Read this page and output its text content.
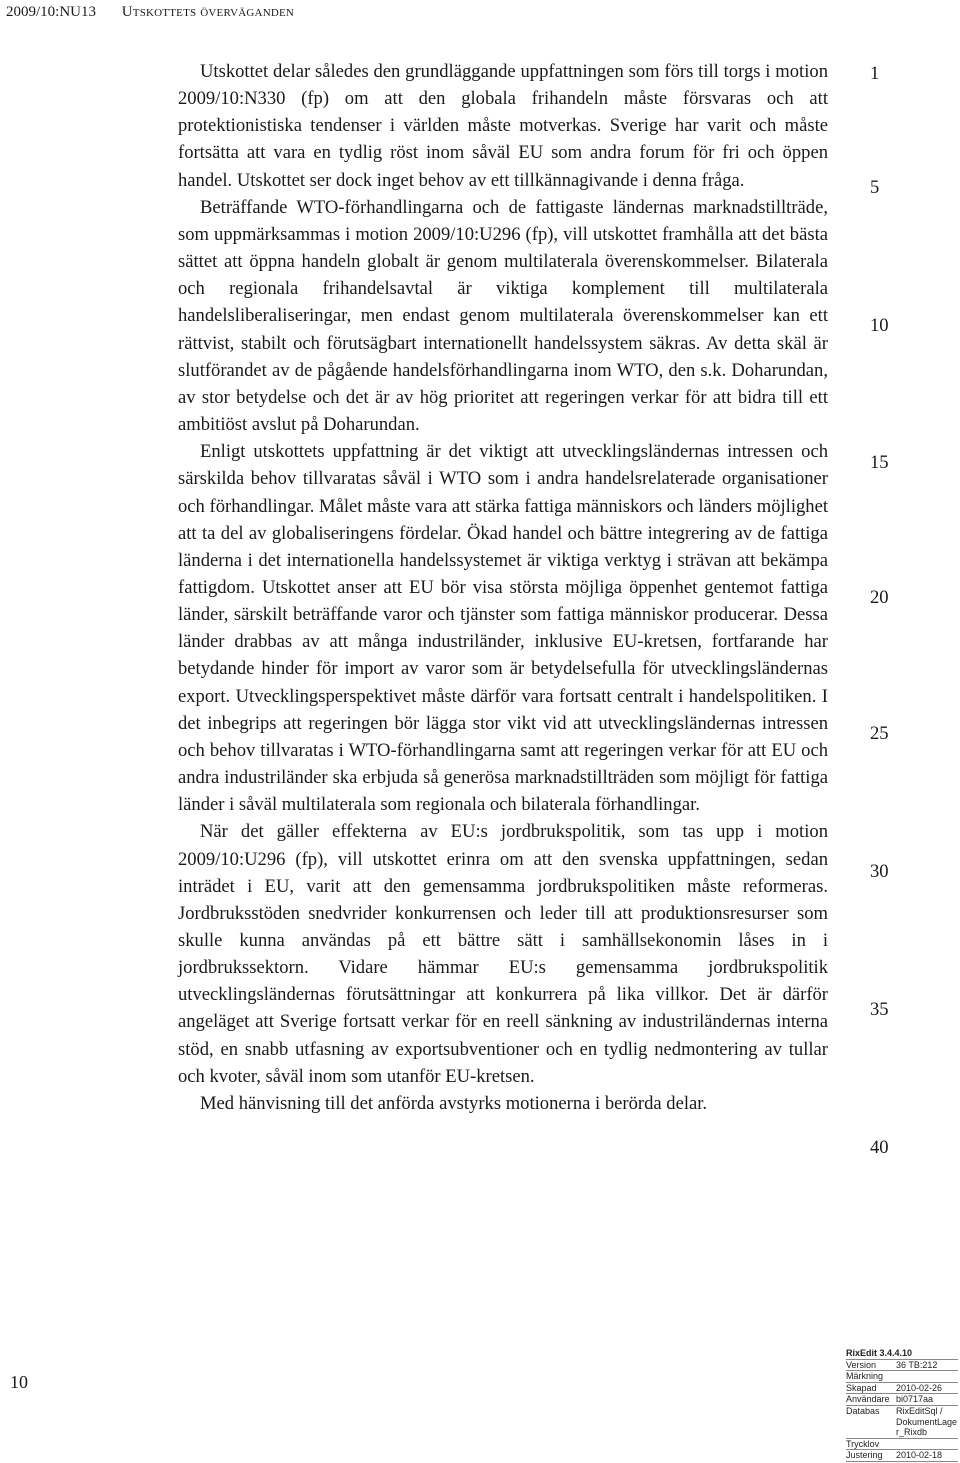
2009/10:NU13 Utskottets överväganden

Utskottet delar således den grundläggande uppfattningen som förs till torgs i motion 2009/10:N330 (fp) om att den globala frihandeln måste försvaras och att protektionistiska tendenser i världen måste motverkas. Sverige har varit och måste fortsätta att vara en tydlig röst inom såväl EU som andra forum för fri och öppen handel. Utskottet ser dock inget behov av ett tillkännagivande i denna fråga.

Beträffande WTO-förhandlingarna och de fattigaste ländernas marknadstillträde, som uppmärksammas i motion 2009/10:U296 (fp), vill utskottet framhålla att det bästa sättet att öppna handeln globalt är genom multilaterala överenskommelser. Bilaterala och regionala frihandelsavtal är viktiga komplement till multilaterala handelsliberaliseringar, men endast genom multilaterala överenskommelser kan ett rättvist, stabilt och förutsägbart internationellt handelssystem säkras. Av detta skäl är slutförandet av de pågående handelsförhandlingarna inom WTO, den s.k. Doharundan, av stor betydelse och det är av hög prioritet att regeringen verkar för att bidra till ett ambitiöst avslut på Doharundan.

Enligt utskottets uppfattning är det viktigt att utvecklingsländernas intressen och särskilda behov tillvaratas såväl i WTO som i andra handelsrelaterade organisationer och förhandlingar. Målet måste vara att stärka fattiga människors och länders möjlighet att ta del av globaliseringens fördelar. Ökad handel och bättre integrering av de fattiga länderna i det internationella handelssystemet är viktiga verktyg i strävan att bekämpa fattigdom. Utskottet anser att EU bör visa största möjliga öppenhet gentemot fattiga länder, särskilt beträffande varor och tjänster som fattiga människor producerar. Dessa länder drabbas av att många industriländer, inklusive EU-kretsen, fortfarande har betydande hinder för import av varor som är betydelsefulla för utvecklingsländernas export. Utvecklingsperspektivet måste därför vara fortsatt centralt i handelspolitiken. I det inbegrips att regeringen bör lägga stor vikt vid att utvecklingsländernas intressen och behov tillvaratas i WTO-förhandlingarna samt att regeringen verkar för att EU och andra industriländer ska erbjuda så generösa marknadstillträden som möjligt för fattiga länder i såväl multilaterala som regionala och bilaterala förhandlingar.

När det gäller effekterna av EU:s jordbrukspolitik, som tas upp i motion 2009/10:U296 (fp), vill utskottet erinra om att den svenska uppfattningen, sedan inträdet i EU, varit att den gemensamma jordbrukspolitiken måste reformeras. Jordbruksstöden snedvrider konkurrensen och leder till att produktionsresurser som skulle kunna användas på ett bättre sätt i samhällsekonomin låses in i jordbrukssektorn. Vidare hämmar EU:s gemensamma jordbrukspolitik utvecklingsländernas förutsättningar att konkurrera på lika villkor. Det är därför angeläget att Sverige fortsatt verkar för en reell sänkning av industriländernas interna stöd, en snabb utfasning av exportsubventioner och en tydlig nedmontering av tullar och kvoter, såväl inom som utanför EU-kretsen.

Med hänvisning till det anförda avstyrks motionerna i berörda delar.

1
5
10
15
20
25
30
35
40
10
RixEdit 3.4.4.10
Version	36 TB:212
Märkning
Skapad	2010-02-26
Användare bi0717aa
Databas	RixEditSql / DokumentLager_Rixdb
Trycklov
Justering	2010-02-18
